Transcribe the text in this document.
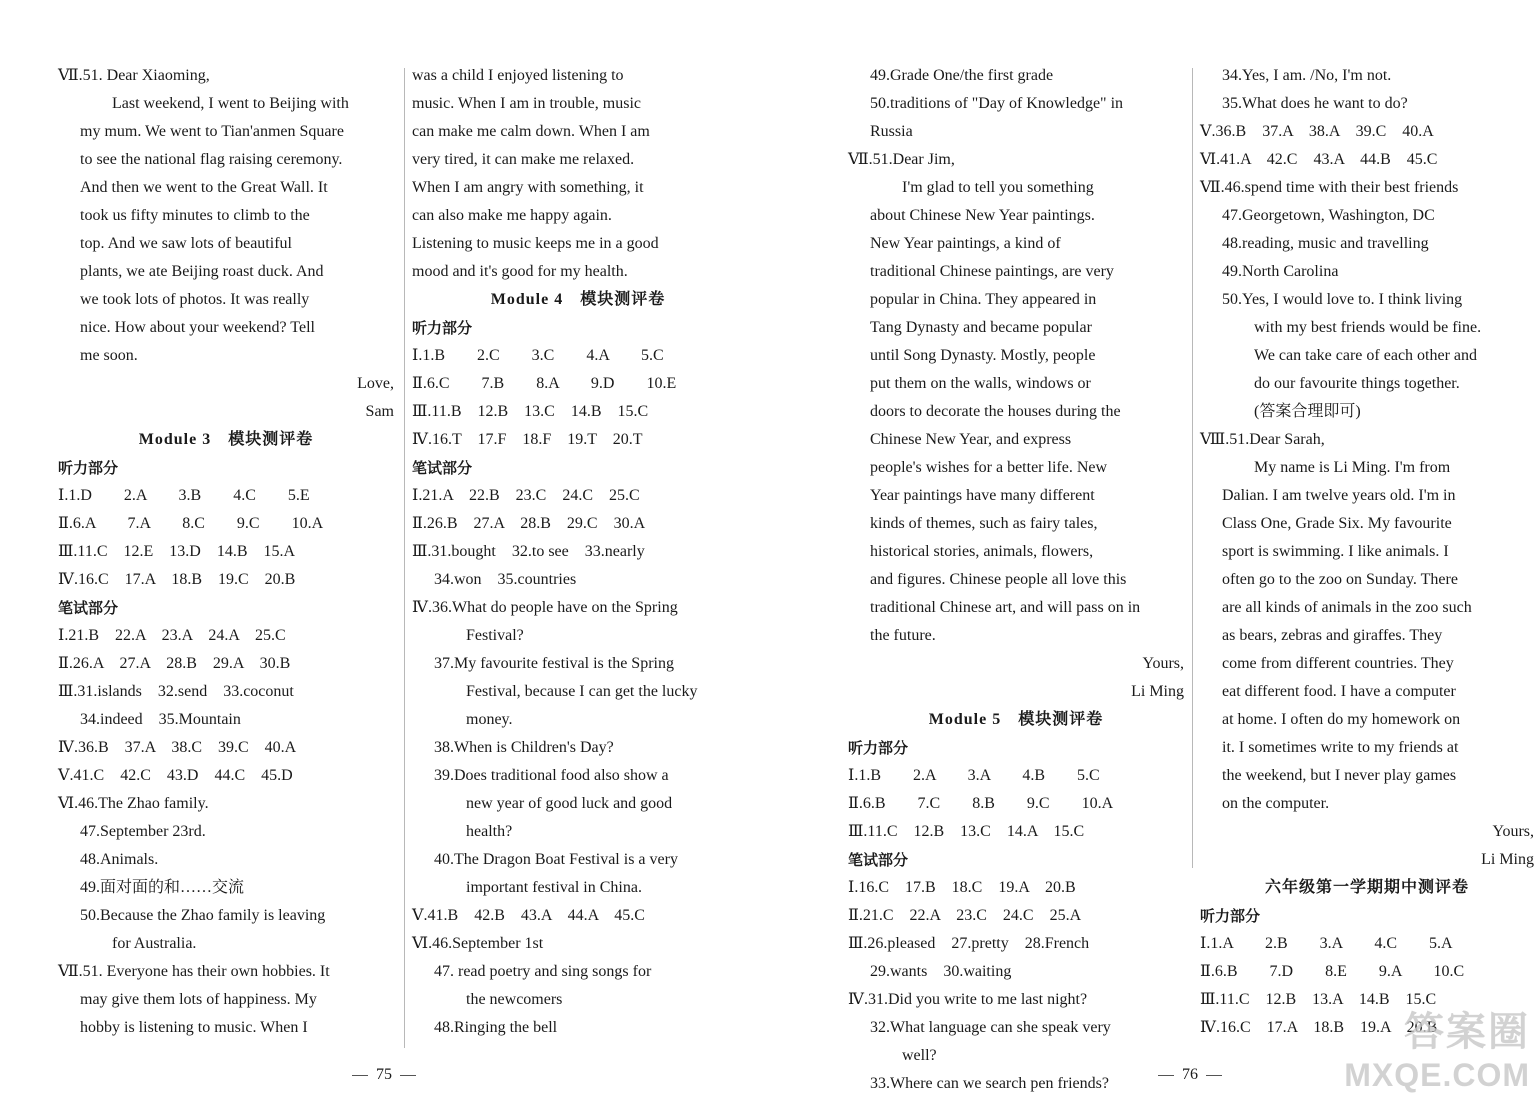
Ⅶ.51. Dear Xiaoming,

Last weekend, I went to Beijing with

my mum. We went to Tian'anmen Square

to see the national flag raising ceremony.

And then we went to the Great Wall. It

took us fifty minutes to climb to the

top. And we saw lots of beautiful

plants, we ate Beijing roast duck. And

we took lots of photos. It was really

nice. How about your weekend? Tell

me soon.

Love,

Sam

Module 3　模块测评卷

听力部分

Ⅰ.1.D　　2.A　　3.B　　4.C　　5.E

Ⅱ.6.A　　7.A　　8.C　　9.C　　10.A

Ⅲ.11.C　12.E　13.D　14.B　15.A

Ⅳ.16.C　17.A　18.B　19.C　20.B

笔试部分

Ⅰ.21.B　22.A　23.A　24.A　25.C

Ⅱ.26.A　27.A　28.B　29.A　30.B

Ⅲ.31.islands　32.send　33.coconut

34.indeed　35.Mountain

Ⅳ.36.B　37.A　38.C　39.C　40.A

Ⅴ.41.C　42.C　43.D　44.C　45.D

Ⅵ.46.The Zhao family.

47.September 23rd.

48.Animals.

49.面对面的和……交流

50.Because the Zhao family is leaving

for Australia.

Ⅶ.51. Everyone has their own hobbies. It

may give them lots of happiness. My

hobby is listening to music. When I

was a child I enjoyed listening to

music. When I am in trouble, music

can make me calm down. When I am

very tired, it can make me relaxed.

When I am angry with something, it

can also make me happy again.

Listening to music keeps me in a good

mood and it's good for my health.

Module 4　模块测评卷

听力部分

Ⅰ.1.B　　2.C　　3.C　　4.A　　5.C

Ⅱ.6.C　　7.B　　8.A　　9.D　　10.E

Ⅲ.11.B　12.B　13.C　14.B　15.C

Ⅳ.16.T　17.F　18.F　19.T　20.T

笔试部分

Ⅰ.21.A　22.B　23.C　24.C　25.C

Ⅱ.26.B　27.A　28.B　29.C　30.A

Ⅲ.31.bought　32.to see　33.nearly

34.won　35.countries

Ⅳ.36.What do people have on the Spring

Festival?

37.My favourite festival is the Spring

Festival, because I can get the lucky

money.

38.When is Children's Day?

39.Does traditional food also show a

new year of good luck and good

health?

40.The Dragon Boat Festival is a very

important festival in China.

Ⅴ.41.B　42.B　43.A　44.A　45.C

Ⅵ.46.September 1st

47. read poetry and sing songs for

the newcomers

48.Ringing the bell

49.Grade One/the first grade

50.traditions of "Day of Knowledge" in

Russia

Ⅶ.51.Dear Jim,

I'm glad to tell you something

about Chinese New Year paintings.

New Year paintings, a kind of

traditional Chinese paintings, are very

popular in China. They appeared in

Tang Dynasty and became popular

until Song Dynasty. Mostly, people

put them on the walls, windows or

doors to decorate the houses during the

Chinese New Year, and express

people's wishes for a better life. New

Year paintings have many different

kinds of themes, such as fairy tales,

historical stories, animals, flowers,

and figures. Chinese people all love this

traditional Chinese art, and will pass on in

the future.

Yours,

Li Ming

Module 5　模块测评卷

听力部分

Ⅰ.1.B　　2.A　　3.A　　4.B　　5.C

Ⅱ.6.B　　7.C　　8.B　　9.C　　10.A

Ⅲ.11.C　12.B　13.C　14.A　15.C

笔试部分

Ⅰ.16.C　17.B　18.C　19.A　20.B

Ⅱ.21.C　22.A　23.C　24.C　25.A

Ⅲ.26.pleased　27.pretty　28.French

29.wants　30.waiting

Ⅳ.31.Did you write to me last night?

32.What language can she speak very

well?

33.Where can we search pen friends?

34.Yes, I am. /No, I'm not.

35.What does he want to do?

Ⅴ.36.B　37.A　38.A　39.C　40.A

Ⅵ.41.A　42.C　43.A　44.B　45.C

Ⅶ.46.spend time with their best friends

47.Georgetown, Washington, DC

48.reading, music and travelling

49.North Carolina

50.Yes, I would love to. I think living

with my best friends would be fine.

We can take care of each other and

do our favourite things together.

(答案合理即可)

Ⅷ.51.Dear Sarah,

My name is Li Ming. I'm from

Dalian. I am twelve years old. I'm in

Class One, Grade Six. My favourite

sport is swimming. I like animals. I

often go to the zoo on Sunday. There

are all kinds of animals in the zoo such

as bears, zebras and giraffes. They

come from different countries. They

eat different food. I have a computer

at home. I often do my homework on

it. I sometimes write to my friends at

the weekend, but I never play games

on the computer.

Yours,

Li Ming

六年级第一学期期中测评卷

听力部分

Ⅰ.1.A　　2.B　　3.A　　4.C　　5.A

Ⅱ.6.B　　7.D　　8.E　　9.A　　10.C

Ⅲ.11.C　12.B　13.A　14.B　15.C

Ⅳ.16.C　17.A　18.B　19.A　20.B

75	76
答案圈
MXQE.COM
